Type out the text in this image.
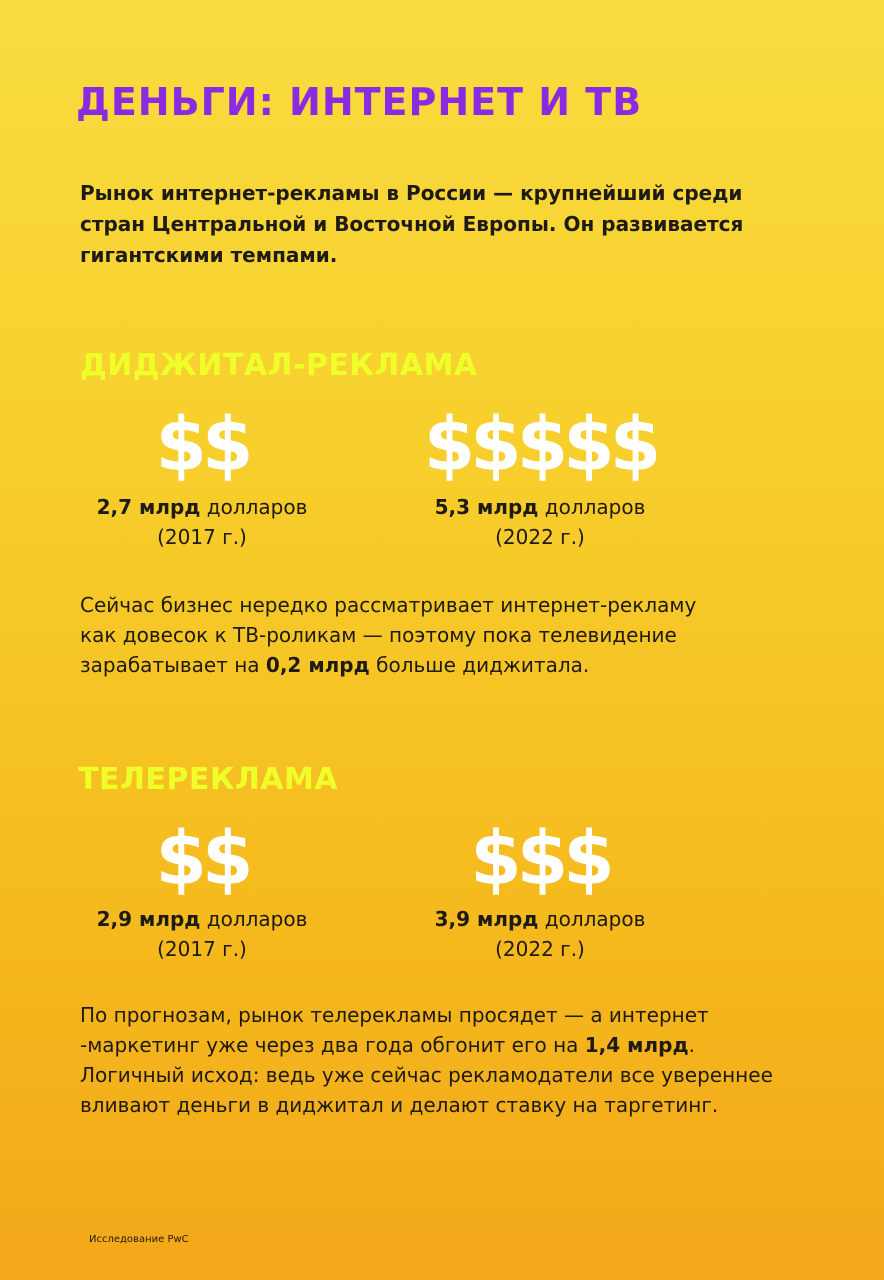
ДЕНЬГИ: ИНТЕРНЕТ И ТВ

Рынок интернет-рекламы в России — крупнейший среди
стран Центральной и Восточной Европы. Он развивается
гигантскими темпами.

ДИДЖИТАЛ-РЕКЛАМА
$$
2,7 млрд долларов
(2017 г.)
$$$$$
5,3 млрд долларов
(2022 г.)

Сейчас бизнес нередко рассматривает интернет-рекламу
как довесок к ТВ-роликам — поэтому пока телевидение
зарабатывает на 0,2 млрд больше диджитала.

ТЕЛЕРЕКЛАМА
$$
2,9 млрд долларов
(2017 г.)
$$$
3,9 млрд долларов
(2022 г.)

По прогнозам, рынок телерекламы просядет — а интернет
-маркетинг уже через два года обгонит его на 1,4 млрд.
Логичный исход: ведь уже сейчас рекламодатели все увереннее
вливают деньги в диджитал и делают ставку на таргетинг.

Исследование PwC
